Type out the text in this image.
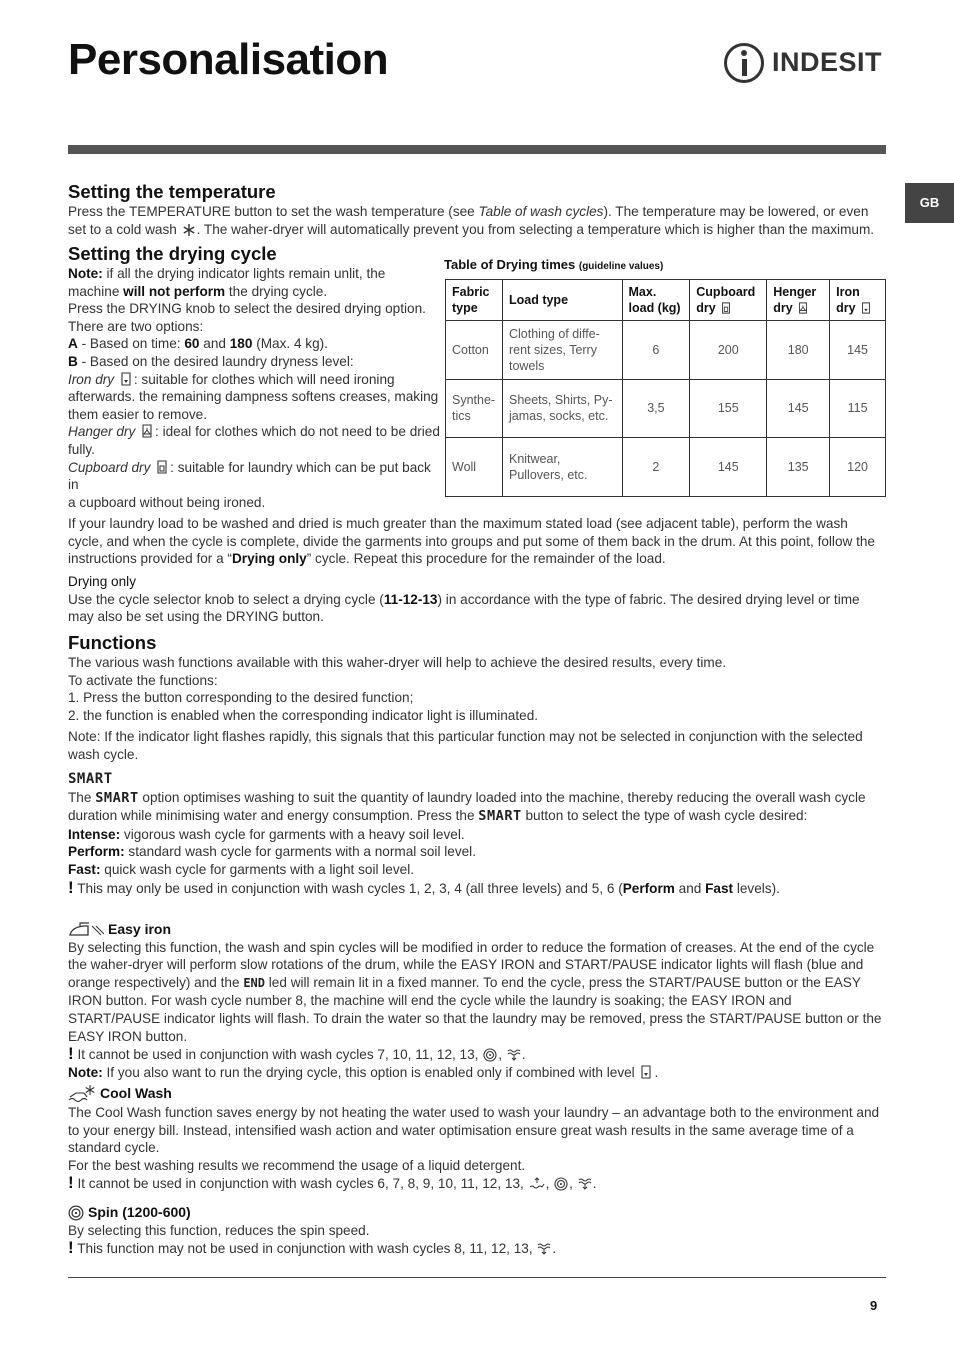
Personalisation	INDESIT
GB
Setting the temperature

Press the TEMPERATURE button to set the wash temperature (see Table of wash cycles). The temperature may be lowered, or even set to a cold wash . The waher-dryer will automatically prevent you from selecting a temperature which is higher than the maximum.

Setting the drying cycle

Note: if all the drying indicator lights remain unlit, the machine will not perform the drying cycle.

Press the DRYING knob to select the desired drying option. There are two options:

A - Based on time: 60 and 180 (Max. 4 kg).

B - Based on the desired laundry dryness level:

Iron dry : suitable for clothes which will need ironing afterwards. the remaining dampness softens creases, making them easier to remove.

Hanger dry : ideal for clothes which do not need to be dried fully.

Cupboard dry : suitable for laundry which can be put back in

a cupboard without being ironed.

Table of Drying times (guideline values)
Fabric type	Load type	Max. load (kg)	Cupboard dry	Henger dry	Iron dry
Cotton	Clothing of diffe-rent sizes, Terry towels	6	200	180	145
Synthe-tics	Sheets, Shirts, Py-jamas, socks, etc.	3,5	155	145	115
Woll	Knitwear, Pullovers, etc.	2	145	135	120

If your laundry load to be washed and dried is much greater than the maximum stated load (see adjacent table), perform the wash cycle, and when the cycle is complete, divide the garments into groups and put some of them back in the drum. At this point, follow the instructions provided for a “Drying only” cycle. Repeat this procedure for the remainder of the load.

Drying only

Use the cycle selector knob to select a drying cycle (11-12-13) in accordance with the type of fabric. The desired drying level or time may also be set using the DRYING button.

Functions

The various wash functions available with this waher-dryer will help to achieve the desired results, every time.

To activate the functions:

1. Press the button corresponding to the desired function;

2. the function is enabled when the corresponding indicator light is illuminated.

Note: If the indicator light flashes rapidly, this signals that this particular function may not be selected in conjunction with the selected wash cycle.

SMART

The SMART option optimises washing to suit the quantity of laundry loaded into the machine, thereby reducing the overall wash cycle duration while minimising water and energy consumption. Press the SMART button to select the type of wash cycle desired:

Intense: vigorous wash cycle for garments with a heavy soil level.

Perform: standard wash cycle for garments with a normal soil level.

Fast: quick wash cycle for garments with a light soil level.

! This may only be used in conjunction with wash cycles 1, 2, 3, 4 (all three levels) and 5, 6 (Perform and Fast levels).

Easy iron

By selecting this function, the wash and spin cycles will be modified in order to reduce the formation of creases. At the end of the cycle the waher-dryer will perform slow rotations of the drum, while the EASY IRON and START/PAUSE indicator lights will flash (blue and orange respectively) and the END led will remain lit in a fixed manner. To end the cycle, press the START/PAUSE button or the EASY IRON button. For wash cycle number 8, the machine will end the cycle while the laundry is soaking; the EASY IRON and START/PAUSE indicator lights will flash. To drain the water so that the laundry may be removed, press the START/PAUSE button or the EASY IRON button.

! It cannot be used in conjunction with wash cycles 7, 10, 11, 12, 13, , .

Note: If you also want to run the drying cycle, this option is enabled only if combined with level .

Cool Wash

The Cool Wash function saves energy by not heating the water used to wash your laundry – an advantage both to the environment and to your energy bill. Instead, intensified wash action and water optimisation ensure great wash results in the same average time of a standard cycle.

For the best washing results we recommend the usage of a liquid detergent.

! It cannot be used in conjunction with wash cycles 6, 7, 8, 9, 10, 11, 12, 13, , , .

Spin (1200-600)

By selecting this function, reduces the spin speed.

! This function may not be used in conjunction with wash cycles 8, 11, 12, 13, .

9
